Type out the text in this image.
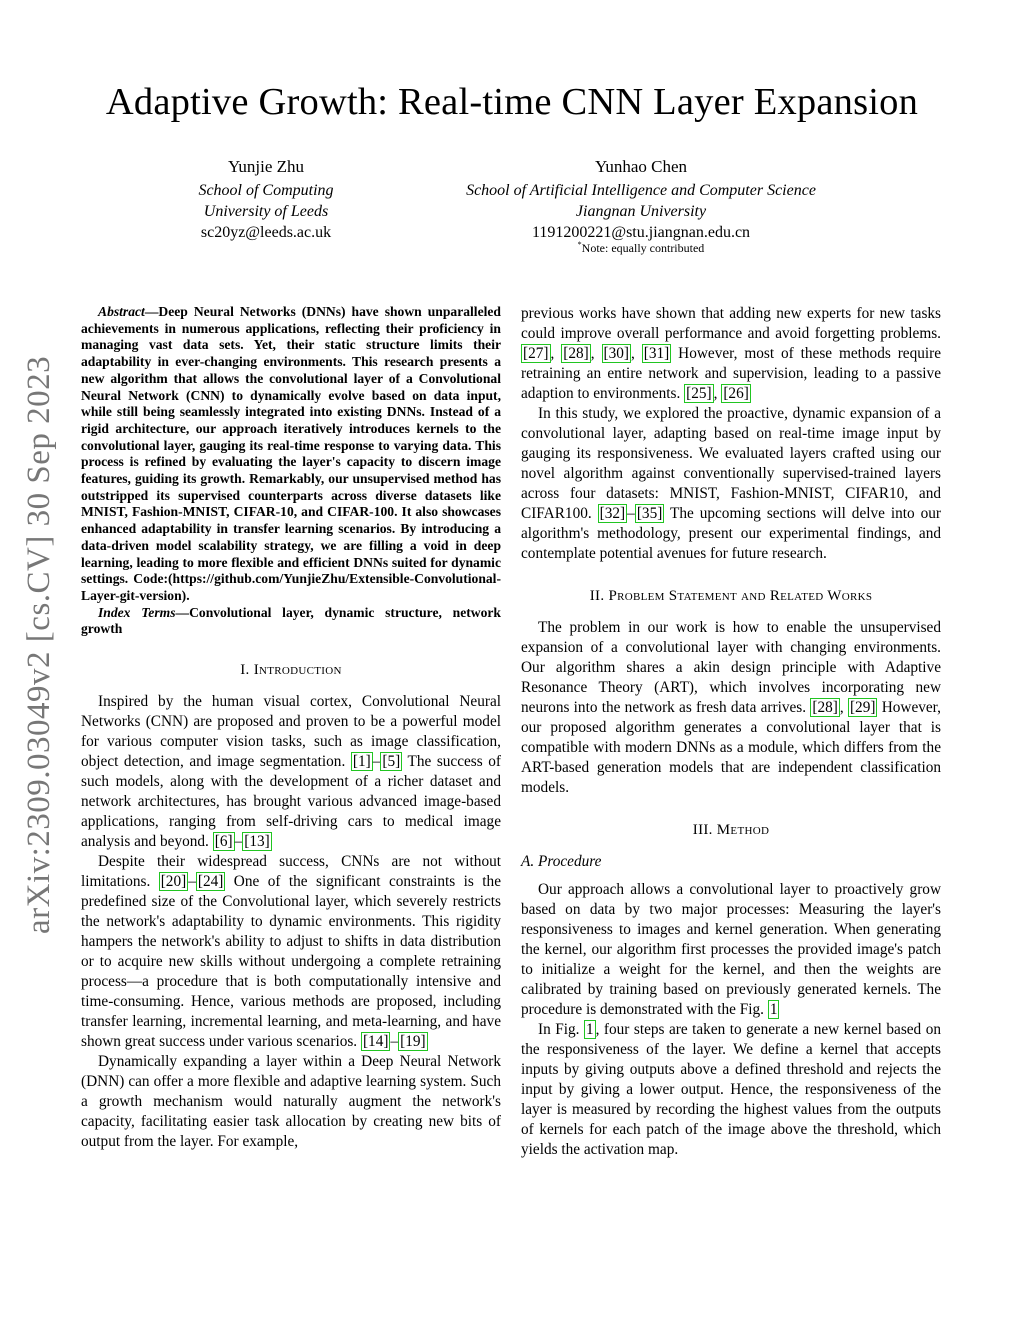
arXiv:2309.03049v2 [cs.CV] 30 Sep 2023
Adaptive Growth: Real-time CNN Layer Expansion
Yunjie Zhu
School of Computing
University of Leeds
sc20yz@leeds.ac.uk
Yunhao Chen
School of Artificial Intelligence and Computer Science
Jiangnan University
1191200221@stu.jiangnan.edu.cn
*Note: equally contributed

Abstract—Deep Neural Networks (DNNs) have shown unparalleled achievements in numerous applications, reflecting their proficiency in managing vast data sets. Yet, their static structure limits their adaptability in ever-changing environments. This research presents a new algorithm that allows the convolutional layer of a Convolutional Neural Network (CNN) to dynamically evolve based on data input, while still being seamlessly integrated into existing DNNs. Instead of a rigid architecture, our approach iteratively introduces kernels to the convolutional layer, gauging its real-time response to varying data. This process is refined by evaluating the layer's capacity to discern image features, guiding its growth. Remarkably, our unsupervised method has outstripped its supervised counterparts across diverse datasets like MNIST, Fashion-MNIST, CIFAR-10, and CIFAR-100. It also showcases enhanced adaptability in transfer learning scenarios. By introducing a data-driven model scalability strategy, we are filling a void in deep learning, leading to more flexible and efficient DNNs suited for dynamic settings. Code:(https://github.com/YunjieZhu/Extensible-Convolutional-Layer-git-version).

Index Terms—Convolutional layer, dynamic structure, network growth

I. Introduction

Inspired by the human visual cortex, Convolutional Neural Networks (CNN) are proposed and proven to be a powerful model for various computer vision tasks, such as image classification, object detection, and image segmentation. [1] – [5] The success of such models, along with the development of a richer dataset and network architectures, has brought various advanced image-based applications, ranging from self-driving cars to medical image analysis and beyond. [6] – [13]

Despite their widespread success, CNNs are not without limitations. [20] – [24] One of the significant constraints is the predefined size of the Convolutional layer, which severely restricts the network's adaptability to dynamic environments. This rigidity hampers the network's ability to adjust to shifts in data distribution or to acquire new skills without undergoing a complete retraining process—a procedure that is both computationally intensive and time-consuming. Hence, various methods are proposed, including transfer learning, incremental learning, and meta-learning, and have shown great success under various scenarios. [14] – [19]

Dynamically expanding a layer within a Deep Neural Network (DNN) can offer a more flexible and adaptive learning system. Such a growth mechanism would naturally augment the network's capacity, facilitating easier task allocation by creating new bits of output from the layer. For example,

previous works have shown that adding new experts for new tasks could improve overall performance and avoid forgetting problems. [27] , [28] , [30] , [31] However, most of these methods require retraining an entire network and supervision, leading to a passive adaption to environments. [25] , [26]

In this study, we explored the proactive, dynamic expansion of a convolutional layer, adapting based on real-time image input by gauging its responsiveness. We evaluated layers crafted using our novel algorithm against conventionally supervised-trained layers across four datasets: MNIST, Fashion-MNIST, CIFAR10, and CIFAR100. [32] – [35] The upcoming sections will delve into our algorithm's methodology, present our experimental findings, and contemplate potential avenues for future research.

II. Problem Statement and Related Works

The problem in our work is how to enable the unsupervised expansion of a convolutional layer with changing environments. Our algorithm shares a akin design principle with Adaptive Resonance Theory (ART), which involves incorporating new neurons into the network as fresh data arrives. [28] , [29] However, our proposed algorithm generates a convolutional layer that is compatible with modern DNNs as a module, which differs from the ART-based generation models that are independent classification models.

III. Method
A. Procedure

Our approach allows a convolutional layer to proactively grow based on data by two major processes: Measuring the layer's responsiveness to images and kernel generation. When generating the kernel, our algorithm first processes the provided image's patch to initialize a weight for the kernel, and then the weights are calibrated by training based on previously generated kernels. The procedure is demonstrated with the Fig. 1

In Fig. 1 , four steps are taken to generate a new kernel based on the responsiveness of the layer. We define a kernel that accepts inputs by giving outputs above a defined threshold and rejects the input by giving a lower output. Hence, the responsiveness of the layer is measured by recording the highest values from the outputs of kernels for each patch of the image above the threshold, which yields the activation map.
